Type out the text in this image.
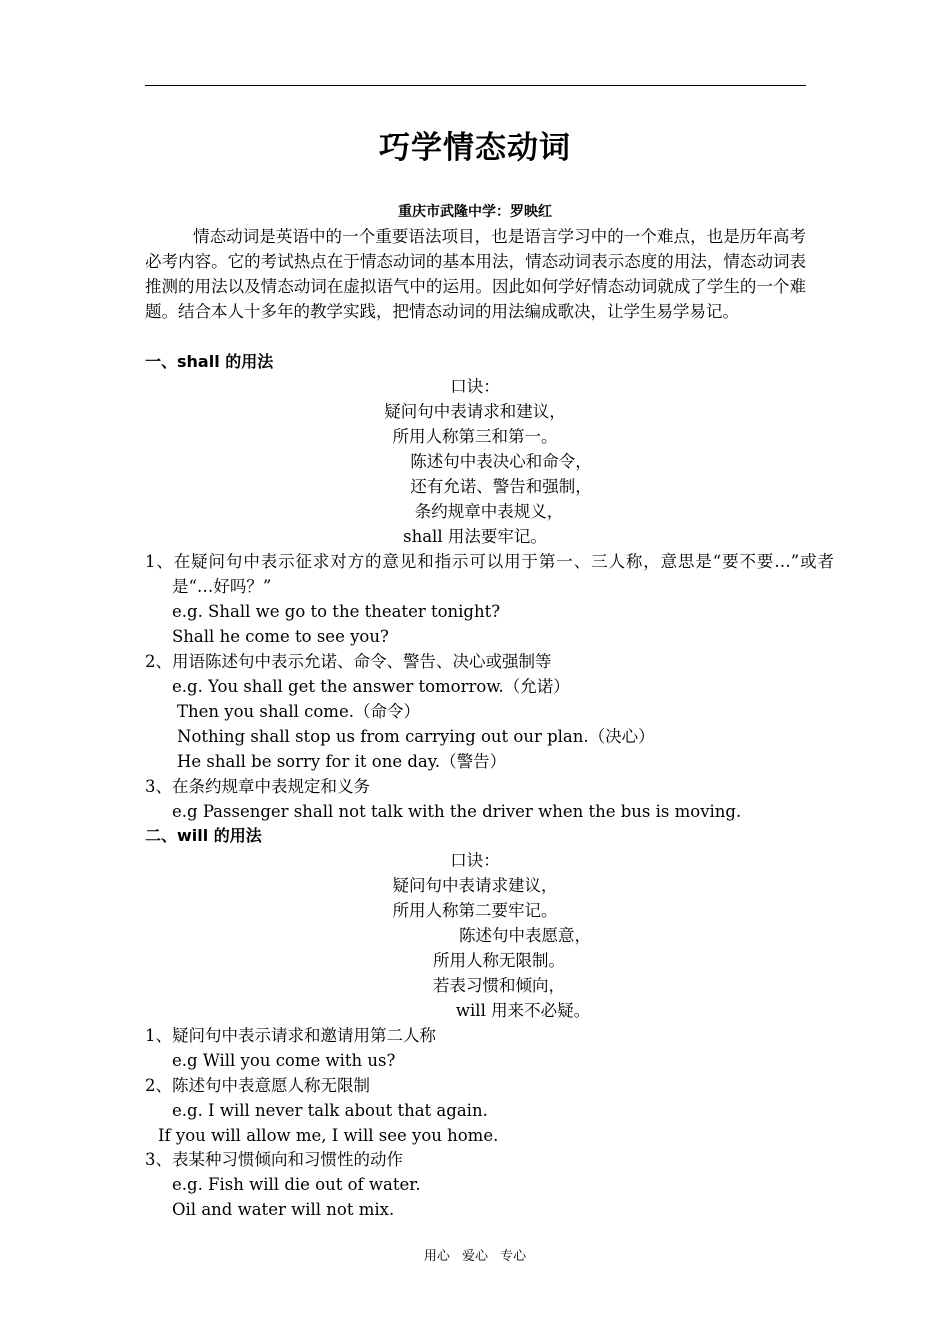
巧学情态动词
重庆市武隆中学：罗映红

情态动词是英语中的一个重要语法项目，也是语言学习中的一个难点，也是历年高考必考内容。它的考试热点在于情态动词的基本用法，情态动词表示态度的用法，情态动词表推测的用法以及情态动词在虚拟语气中的运用。因此如何学好情态动词就成了学生的一个难题。结合本人十多年的教学实践，把情态动词的用法编成歌决，让学生易学易记。

一、shall 的用法
口诀：
疑问句中表请求和建议，
所用人称第三和第一。
陈述句中表决心和命令，
还有允诺、警告和强制，
条约规章中表规义，
shall 用法要牢记。

1、在疑问句中表示征求对方的意见和指示可以用于第一、三人称，意思是“要不要…”或者是“…好吗？”

e.g. Shall we go to the theater tonight?
Shall he come to see you?
2、用语陈述句中表示允诺、命令、警告、决心或强制等
e.g. You shall get the answer tomorrow.（允诺）
Then you shall come.（命令）
Nothing shall stop us from carrying out our plan.（决心）
He shall be sorry for it one day.（警告）
3、在条约规章中表规定和义务
e.g Passenger shall not talk with the driver when the bus is moving.
二、will 的用法
口诀：
疑问句中表请求建议，
所用人称第二要牢记。
陈述句中表愿意，
所用人称无限制。
若表习惯和倾向，
will 用来不必疑。
1、疑问句中表示请求和邀请用第二人称
e.g Will you come with us?
2、陈述句中表意愿人称无限制
e.g. I will never talk about that again.
If you will allow me, I will see you home.
3、表某种习惯倾向和习惯性的动作
e.g. Fish will die out of water.
Oil and water will not mix.
用心 爱心 专心
